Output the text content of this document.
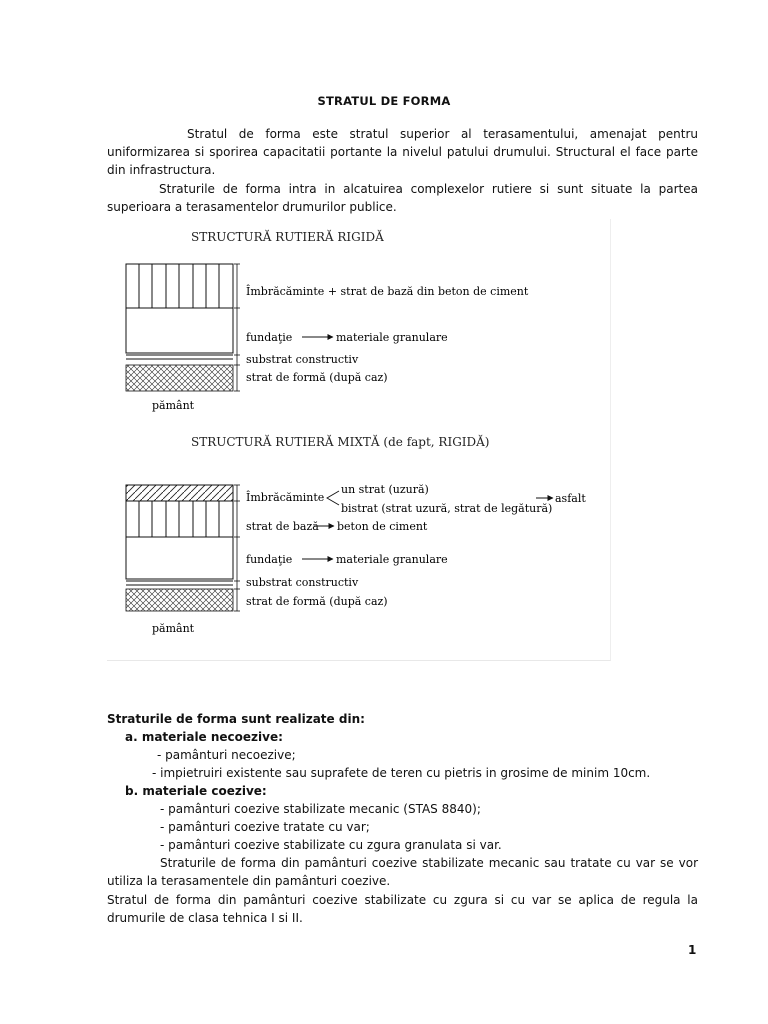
STRATUL DE FORMA
Stratul de forma este stratul superior al terasamentului, amenajat pentru uniformizarea si sporirea capacitatii portante la nivelul patului drumului. Structural el face parte din infrastructura.
Straturile de forma intra in alcatuirea complexelor rutiere si sunt situate la partea superioara a terasamentelor drumurilor publice.
STRUCTURĂ RUTIERĂ RIGIDĂ
Îmbrăcăminte + strat de bază din beton de ciment
fundaţie	materiale granulare
substrat constructiv
strat de formă (după caz)
pământ
STRUCTURĂ RUTIERĂ MIXTĂ (de fapt, RIGIDĂ)
Îmbrăcăminte
un strat (uzură)
bistrat (strat uzură, strat de legătură)
asfalt
strat de bază beton de ciment
fundaţie	materiale granulare
substrat constructiv
strat de formă (după caz)
pământ
Straturile de forma sunt realizate din:
a. materiale necoezive:
- pamânturi necoezive;
- impietruiri existente sau suprafete de teren cu pietris in grosime de minim 10cm.
b. materiale coezive:
- pamânturi coezive stabilizate mecanic (STAS 8840);
- pamânturi coezive tratate cu var;
- pamânturi coezive stabilizate cu zgura granulata si var.
Straturile de forma din pamânturi coezive stabilizate mecanic sau tratate cu var se vor utiliza la terasamentele din pamânturi coezive.
Stratul de forma din pamânturi coezive stabilizate cu zgura si cu var se aplica de regula la drumurile de clasa tehnica I si II.
1
